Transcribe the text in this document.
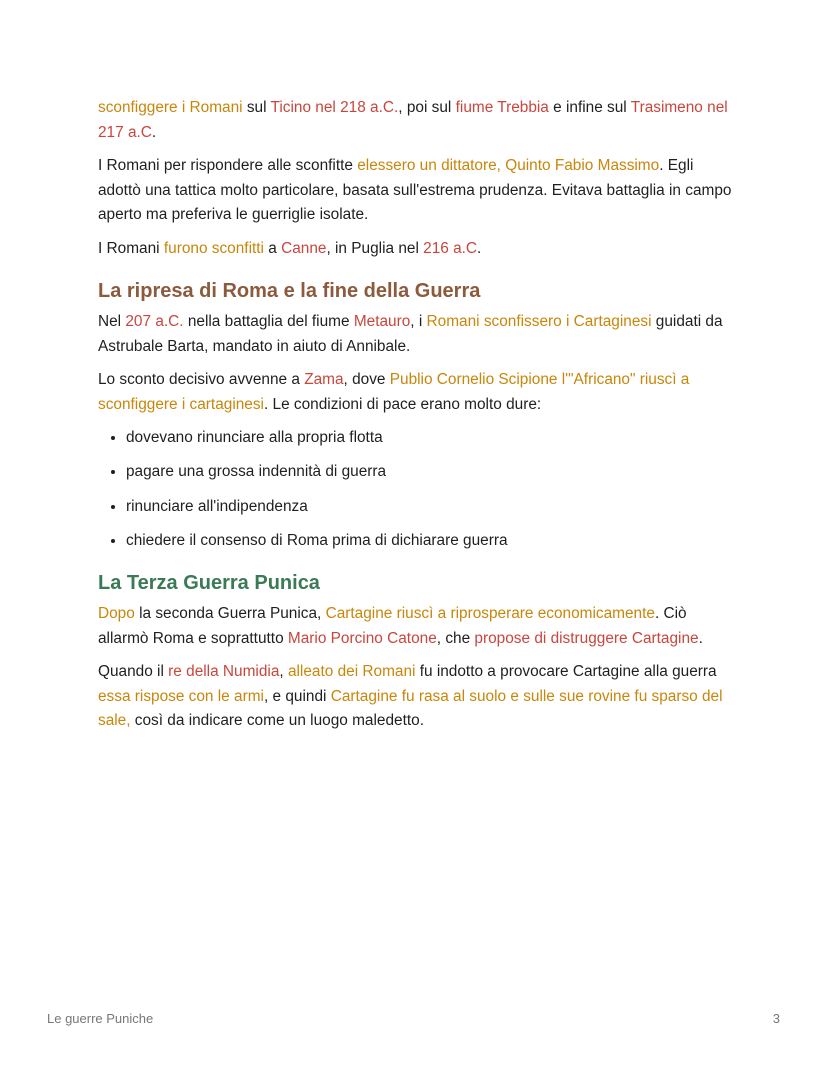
sconfiggere i Romani sul Ticino nel 218 a.C., poi sul fiume Trebbia e infine sul Trasimeno nel 217 a.C.

I Romani per rispondere alle sconfitte elessero un dittatore, Quinto Fabio Massimo. Egli adottò una tattica molto particolare, basata sull'estrema prudenza. Evitava battaglia in campo aperto ma preferiva le guerriglie isolate.

I Romani furono sconfitti a Canne, in Puglia nel 216 a.C.

La ripresa di Roma e la fine della Guerra

Nel 207 a.C. nella battaglia del fiume Metauro, i Romani sconfissero i Cartaginesi guidati da Astrubale Barta, mandato in aiuto di Annibale.

Lo sconto decisivo avvenne a Zama, dove Publio Cornelio Scipione l'"Africano" riuscì a sconfiggere i cartaginesi. Le condizioni di pace erano molto dure:

• dovevano rinunciare alla propria flotta
• pagare una grossa indennità di guerra
• rinunciare all'indipendenza
• chiedere il consenso di Roma prima di dichiarare guerra
La Terza Guerra Punica

Dopo la seconda Guerra Punica, Cartagine riuscì a riprosperare economicamente. Ciò allarmò Roma e soprattutto Mario Porcino Catone, che propose di distruggere Cartagine.

Quando il re della Numidia, alleato dei Romani fu indotto a provocare Cartagine alla guerra essa rispose con le armi, e quindi Cartagine fu rasa al suolo e sulle sue rovine fu sparso del sale, così da indicare come un luogo maledetto.

Le guerre Puniche	3
